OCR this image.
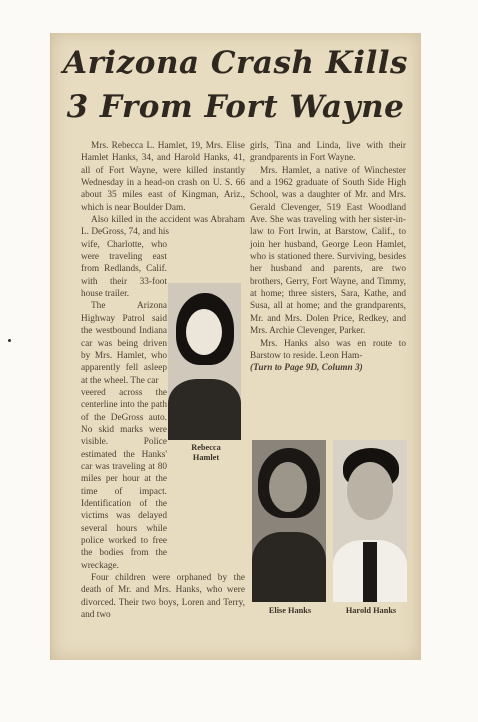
Arizona Crash Kills
3 From Fort Wayne

Mrs. Rebecca L. Hamlet, 19, Mrs. Elise Hamlet Hanks, 34, and Harold Hanks, 41, all of Fort Wayne, were killed instantly Wednesday in a head-on crash on U. S. 66 about 35 miles east of Kingman, Ariz., which is near Boulder Dam.

Also killed in the accident was Abraham L. DeGross, 74, and his

wife, Charlotte, who were traveling east from Redlands, Calif. with their 33-foot house trailer.

The Arizona Highway Patrol said the westbound Indiana car was being driven by Mrs. Hamlet, who apparently fell asleep at the wheel. The car

veered across the centerline into the path of the DeGross auto. No skid marks were visible. Police estimated the Hanks' car was traveling at 80 miles per hour at the time of impact. Identification of the victims was delayed several hours while police worked to free the bodies from the wreckage.

Four children were orphaned by the death of Mr. and Mrs. Hanks, who were divorced. Their two boys, Loren and Terry, and two

girls, Tina and Linda, live with their grandparents in Fort Wayne.

Mrs. Hamlet, a native of Winchester and a 1962 graduate of South Side High School, was a daughter of Mr. and Mrs. Gerald Clevenger, 519 East Woodland Ave. She was traveling with her sister-in-law to Fort Irwin, at Barstow, Calif., to join her husband, George Leon Hamlet, who is stationed there. Surviving, besides her husband and parents, are two brothers, Gerry, Fort Wayne, and Timmy, at home; three sisters, Sara, Kathe, and Susa, all at home; and the grandparents, Mr. and Mrs. Dolen Price, Redkey, and Mrs. Archie Clevenger, Parker.

Mrs. Hanks also was en route to Barstow to reside. Leon Ham-

(Turn to Page 9D, Column 3)

Rebecca
Hamlet
Elise Hanks	Harold Hanks
